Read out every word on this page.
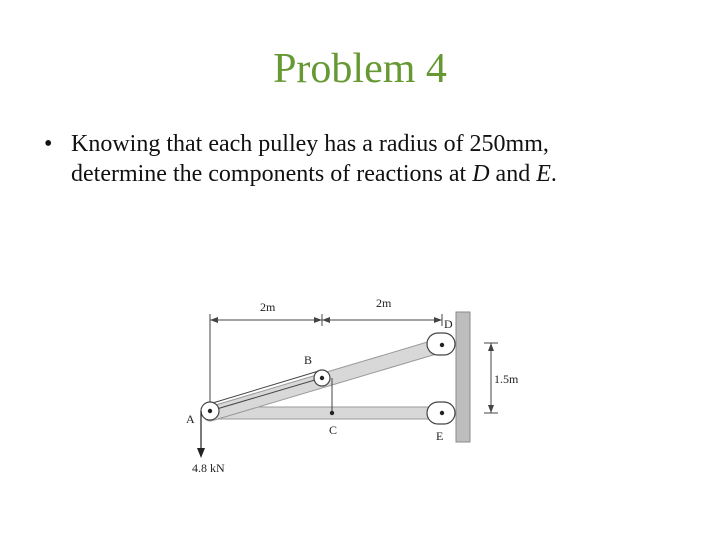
Problem 4
• Knowing that each pulley has a radius of 250mm,
determine the components of reactions at D and E.
2m	2m
1.5m
A
B
C
D
E
4.8 kN
